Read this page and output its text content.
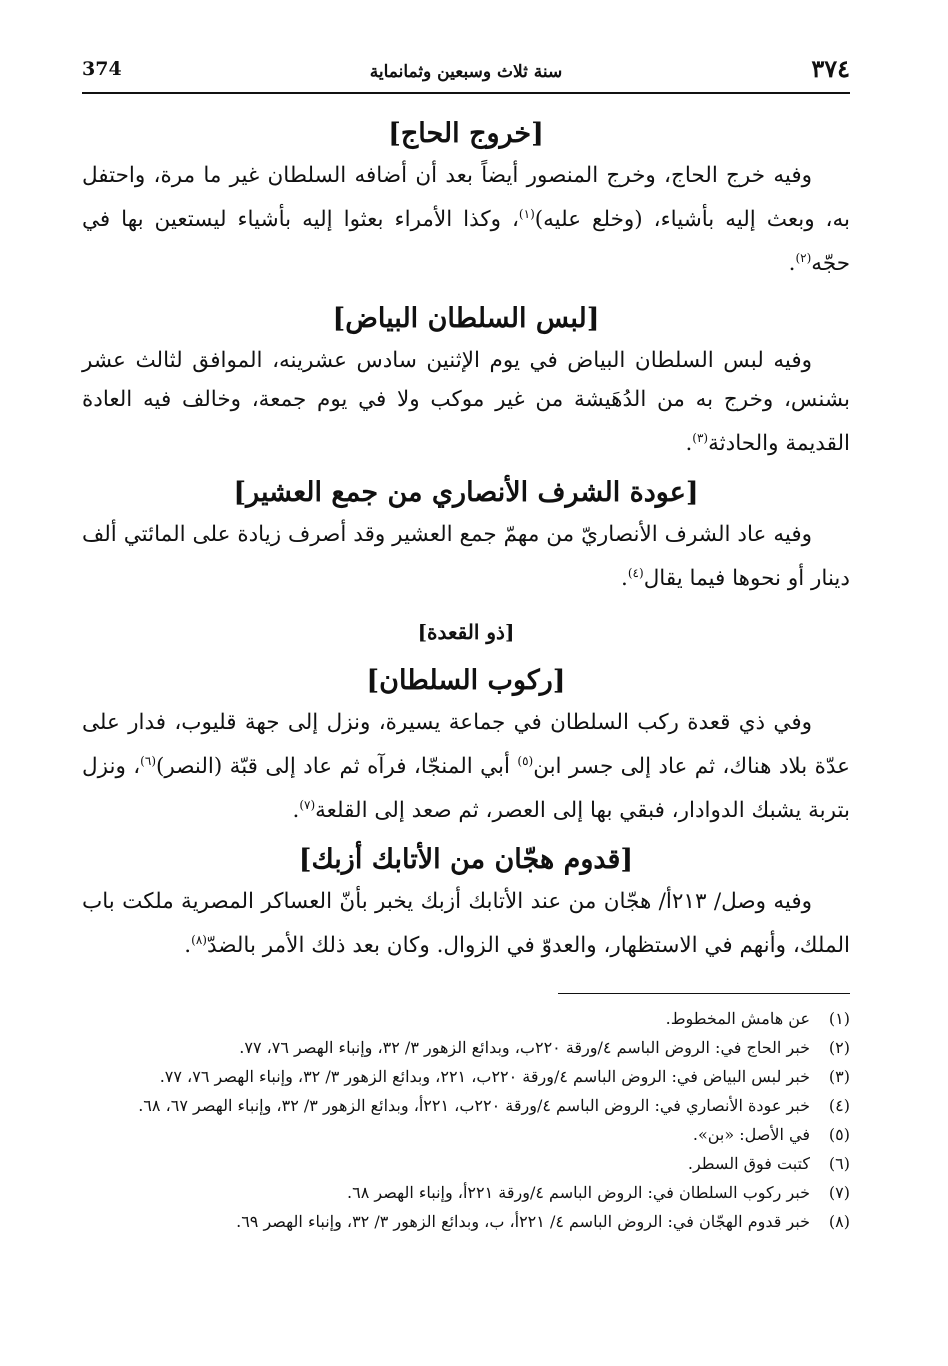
374	سنة ثلاث وسبعين وثمانماية	٣٧٤
[خروج الحاج]

وفيه خرج الحاج، وخرج المنصور أيضاً بعد أن أضافه السلطان غير ما مرة، واحتفل به، وبعث إليه بأشياء، (وخلع عليه)$^{(١)}$، وكذا الأمراء بعثوا إليه بأشياء ليستعين بها في حجّه$^{(٢)}$.

[لبس السلطان البياض]

وفيه لبس السلطان البياض في يوم الإثنين سادس عشرينه، الموافق لثالث عشر بشنس، وخرج به من الدُهَيشة من غير موكب ولا في يوم جمعة، وخالف فيه العادة القديمة والحادثة$^{(٣)}$.

[عودة الشرف الأنصاري من جمع العشير]

وفيه عاد الشرف الأنصاريّ من مهمّ جمع العشير وقد أصرف زيادة على المائتي ألف دينار أو نحوها فيما يقال$^{(٤)}$.

[ذو القعدة]
[ركوب السلطان]

وفي ذي قعدة ركب السلطان في جماعة يسيرة، ونزل إلى جهة قليوب، فدار على عدّة بلاد هناك، ثم عاد إلى جسر ابن$^{(٥)}$ أبي المنجّا، فرآه ثم عاد إلى قبّة (النصر)$^{(٦)}$، ونزل بتربة يشبك الدوادار، فبقي بها إلى العصر، ثم صعد إلى القلعة$^{(٧)}$.

[قدوم هجّان من الأتابك أزبك]

وفيه وصل/ ٢١٣أ/ هجّان من عند الأتابك أزبك يخبر بأنّ العساكر المصرية ملكت باب الملك، وأنهم في الاستظهار، والعدوّ في الزوال. وكان بعد ذلك الأمر بالضدّ$^{(٨)}$.

(١)
عن هامش المخطوط.
(٢)
خبر الحاج في: الروض الباسم ٤/ورقة ٢٢٠ب، وبدائع الزهور ٣/ ٣٢، وإنباء الهصر ٧٦، ٧٧.
(٣)
خبر لبس البياض في: الروض الباسم ٤/ورقة ٢٢٠ب، ٢٢١، وبدائع الزهور ٣/ ٣٢، وإنباء الهصر ٧٦، ٧٧.
(٤)
خبر عودة الأنصاري في: الروض الباسم ٤/ورقة ٢٢٠ب، ٢٢١أ، وبدائع الزهور ٣/ ٣٢، وإنباء الهصر ٦٧، ٦٨.
(٥)
في الأصل: «بن».
(٦)
كتبت فوق السطر.
(٧)
خبر ركوب السلطان في: الروض الباسم ٤/ورقة ٢٢١أ، وإنباء الهصر ٦٨.
(٨)
خبر قدوم الهجّان في: الروض الباسم ٤/ ٢٢١أ، ب، وبدائع الزهور ٣/ ٣٢، وإنباء الهصر ٦٩.
